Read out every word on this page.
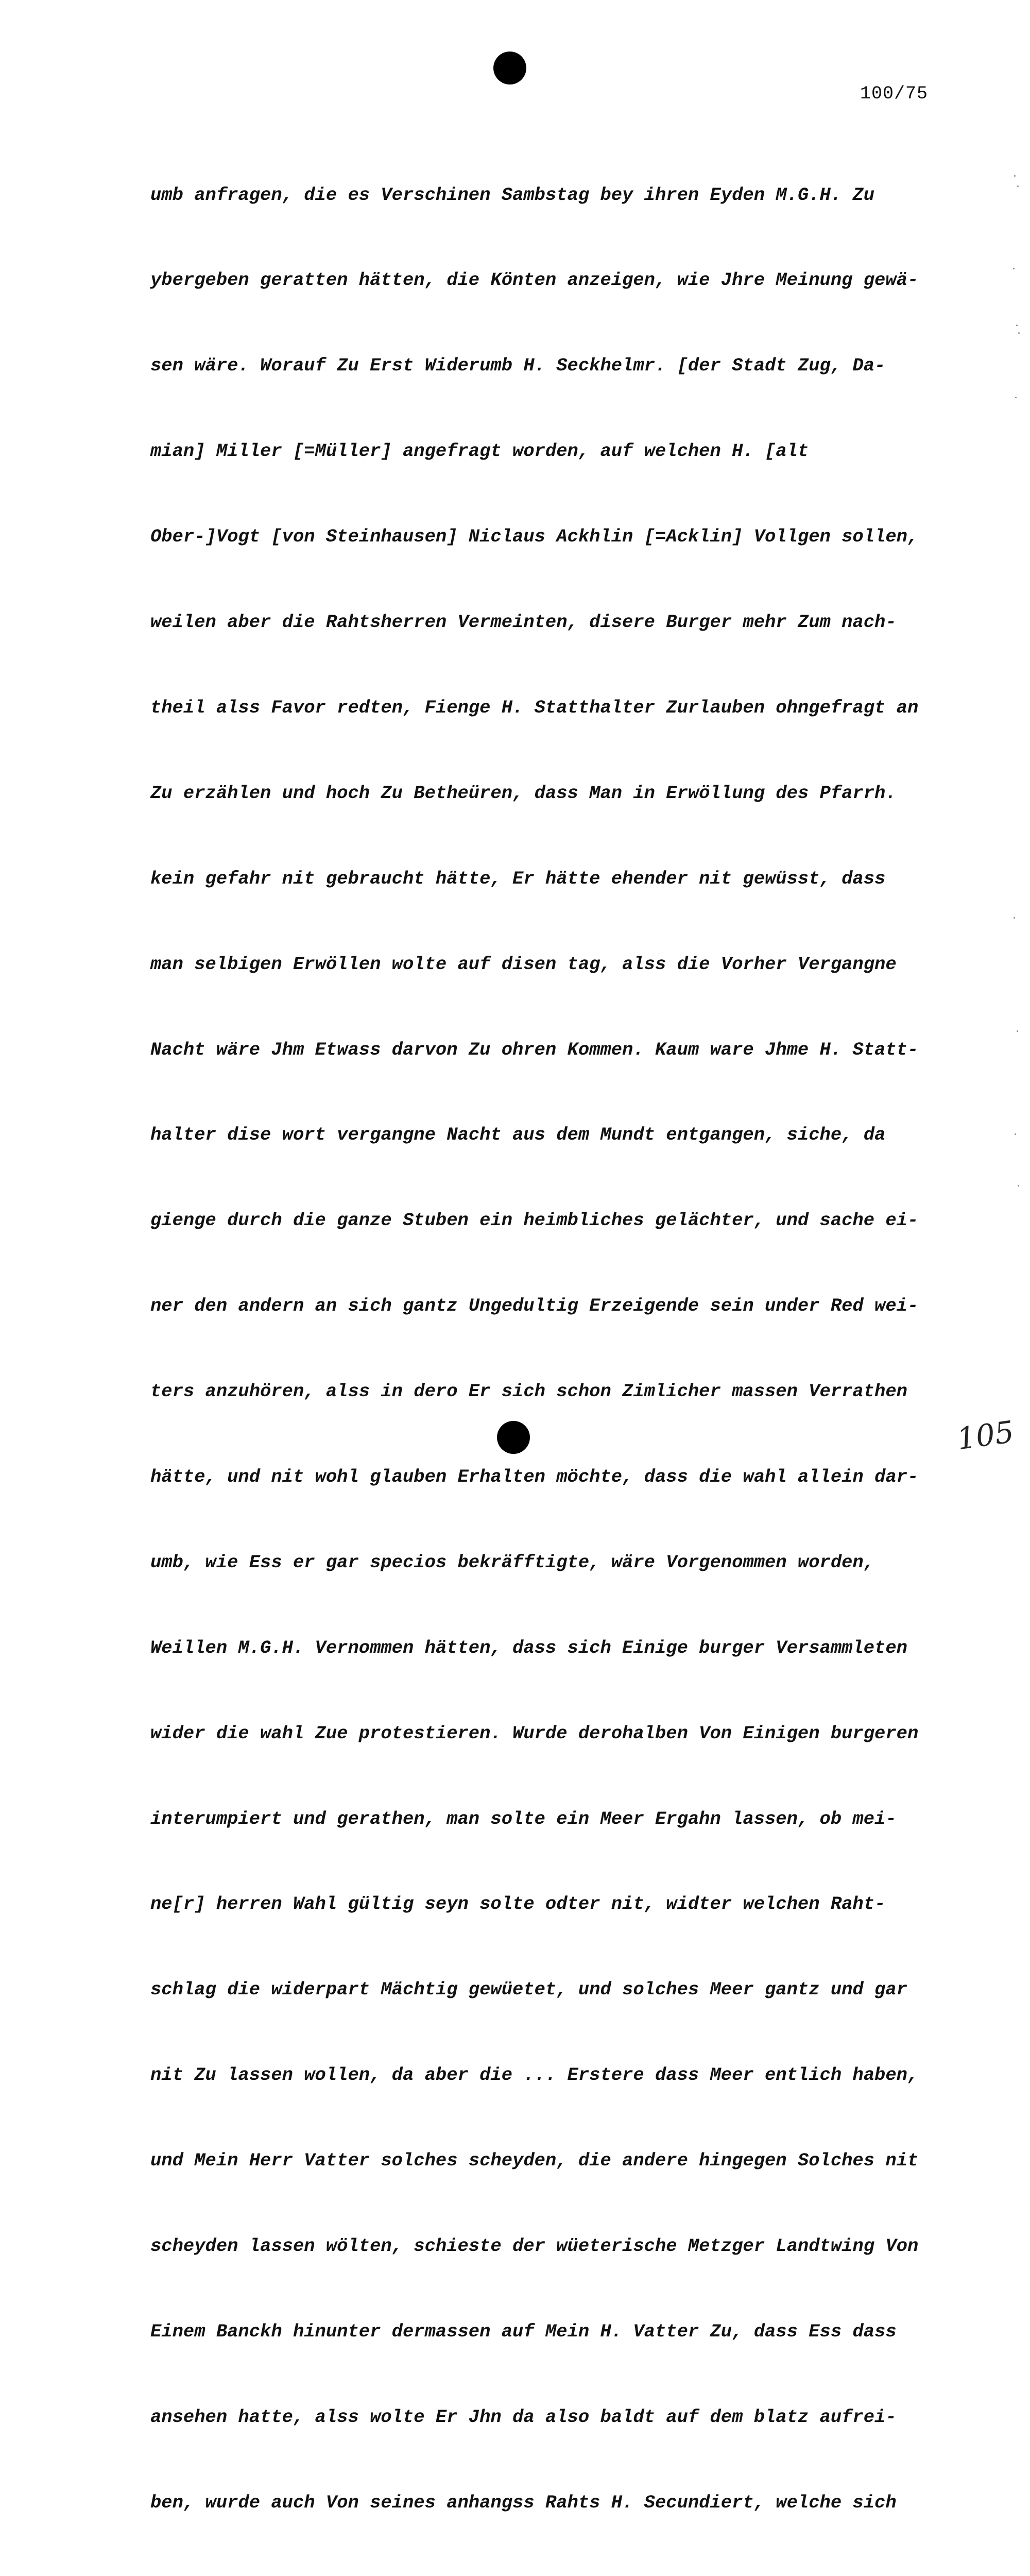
100/75

umb anfragen, die es Verschinen Sambstag bey ihren Eyden M.G.H. Zu

ybergeben geratten hätten, die Könten anzeigen, wie Jhre Meinung gewä-

sen wäre. Worauf Zu Erst Widerumb H. Seckhelmr. [der Stadt Zug, Da-

mian] Miller [=Müller] angefragt worden, auf welchen H. [alt

Ober-]Vogt [von Steinhausen] Niclaus Ackhlin [=Acklin] Vollgen sollen,

weilen aber die Rahtsherren Vermeinten, disere Burger mehr Zum nach-

theil alss Favor redten, Fienge H. Statthalter Zurlauben ohngefragt an

Zu erzählen und hoch Zu Betheüren, dass Man in Erwöllung des Pfarrh.

kein gefahr nit gebraucht hätte, Er hätte ehender nit gewüsst, dass

man selbigen Erwöllen wolte auf disen tag, alss die Vorher Vergangne

Nacht wäre Jhm Etwass darvon Zu ohren Kommen. Kaum ware Jhme H. Statt-

halter dise wort vergangne Nacht aus dem Mundt entgangen, siche, da

gienge durch die ganze Stuben ein heimbliches gelächter, und sache ei-

ner den andern an sich gantz Ungedultig Erzeigende sein under Red wei-

ters anzuhören, alss in dero Er sich schon Zimlicher massen Verrathen

hätte, und nit wohl glauben Erhalten möchte, dass die wahl allein dar-

umb, wie Ess er gar specios bekräfftigte, wäre Vorgenommen worden,

Weillen M.G.H. Vernommen hätten, dass sich Einige burger Versammleten

wider die wahl Zue protestieren. Wurde derohalben Von Einigen burgeren

interumpiert und gerathen, man solte ein Meer Ergahn lassen, ob mei-

ne[r] herren Wahl gültig seyn solte odter nit, widter welchen Raht-

schlag die widerpart Mächtig gewüetet, und solches Meer gantz und gar

nit Zu lassen wollen, da aber die ... Erstere dass Meer entlich haben,

und Mein Herr Vatter solches scheyden, die andere hingegen Solches nit

scheyden lassen wölten, schieste der wüeterische Metzger Landtwing Von

Einem Banckh hinunter dermassen auf Mein H. Vatter Zu, dass Ess dass

ansehen hatte, alss wolte Er Jhn da also baldt auf dem blatz aufrei-

ben, wurde auch Von seines anhangss Rahts H. Secundiert, welche sich

105
